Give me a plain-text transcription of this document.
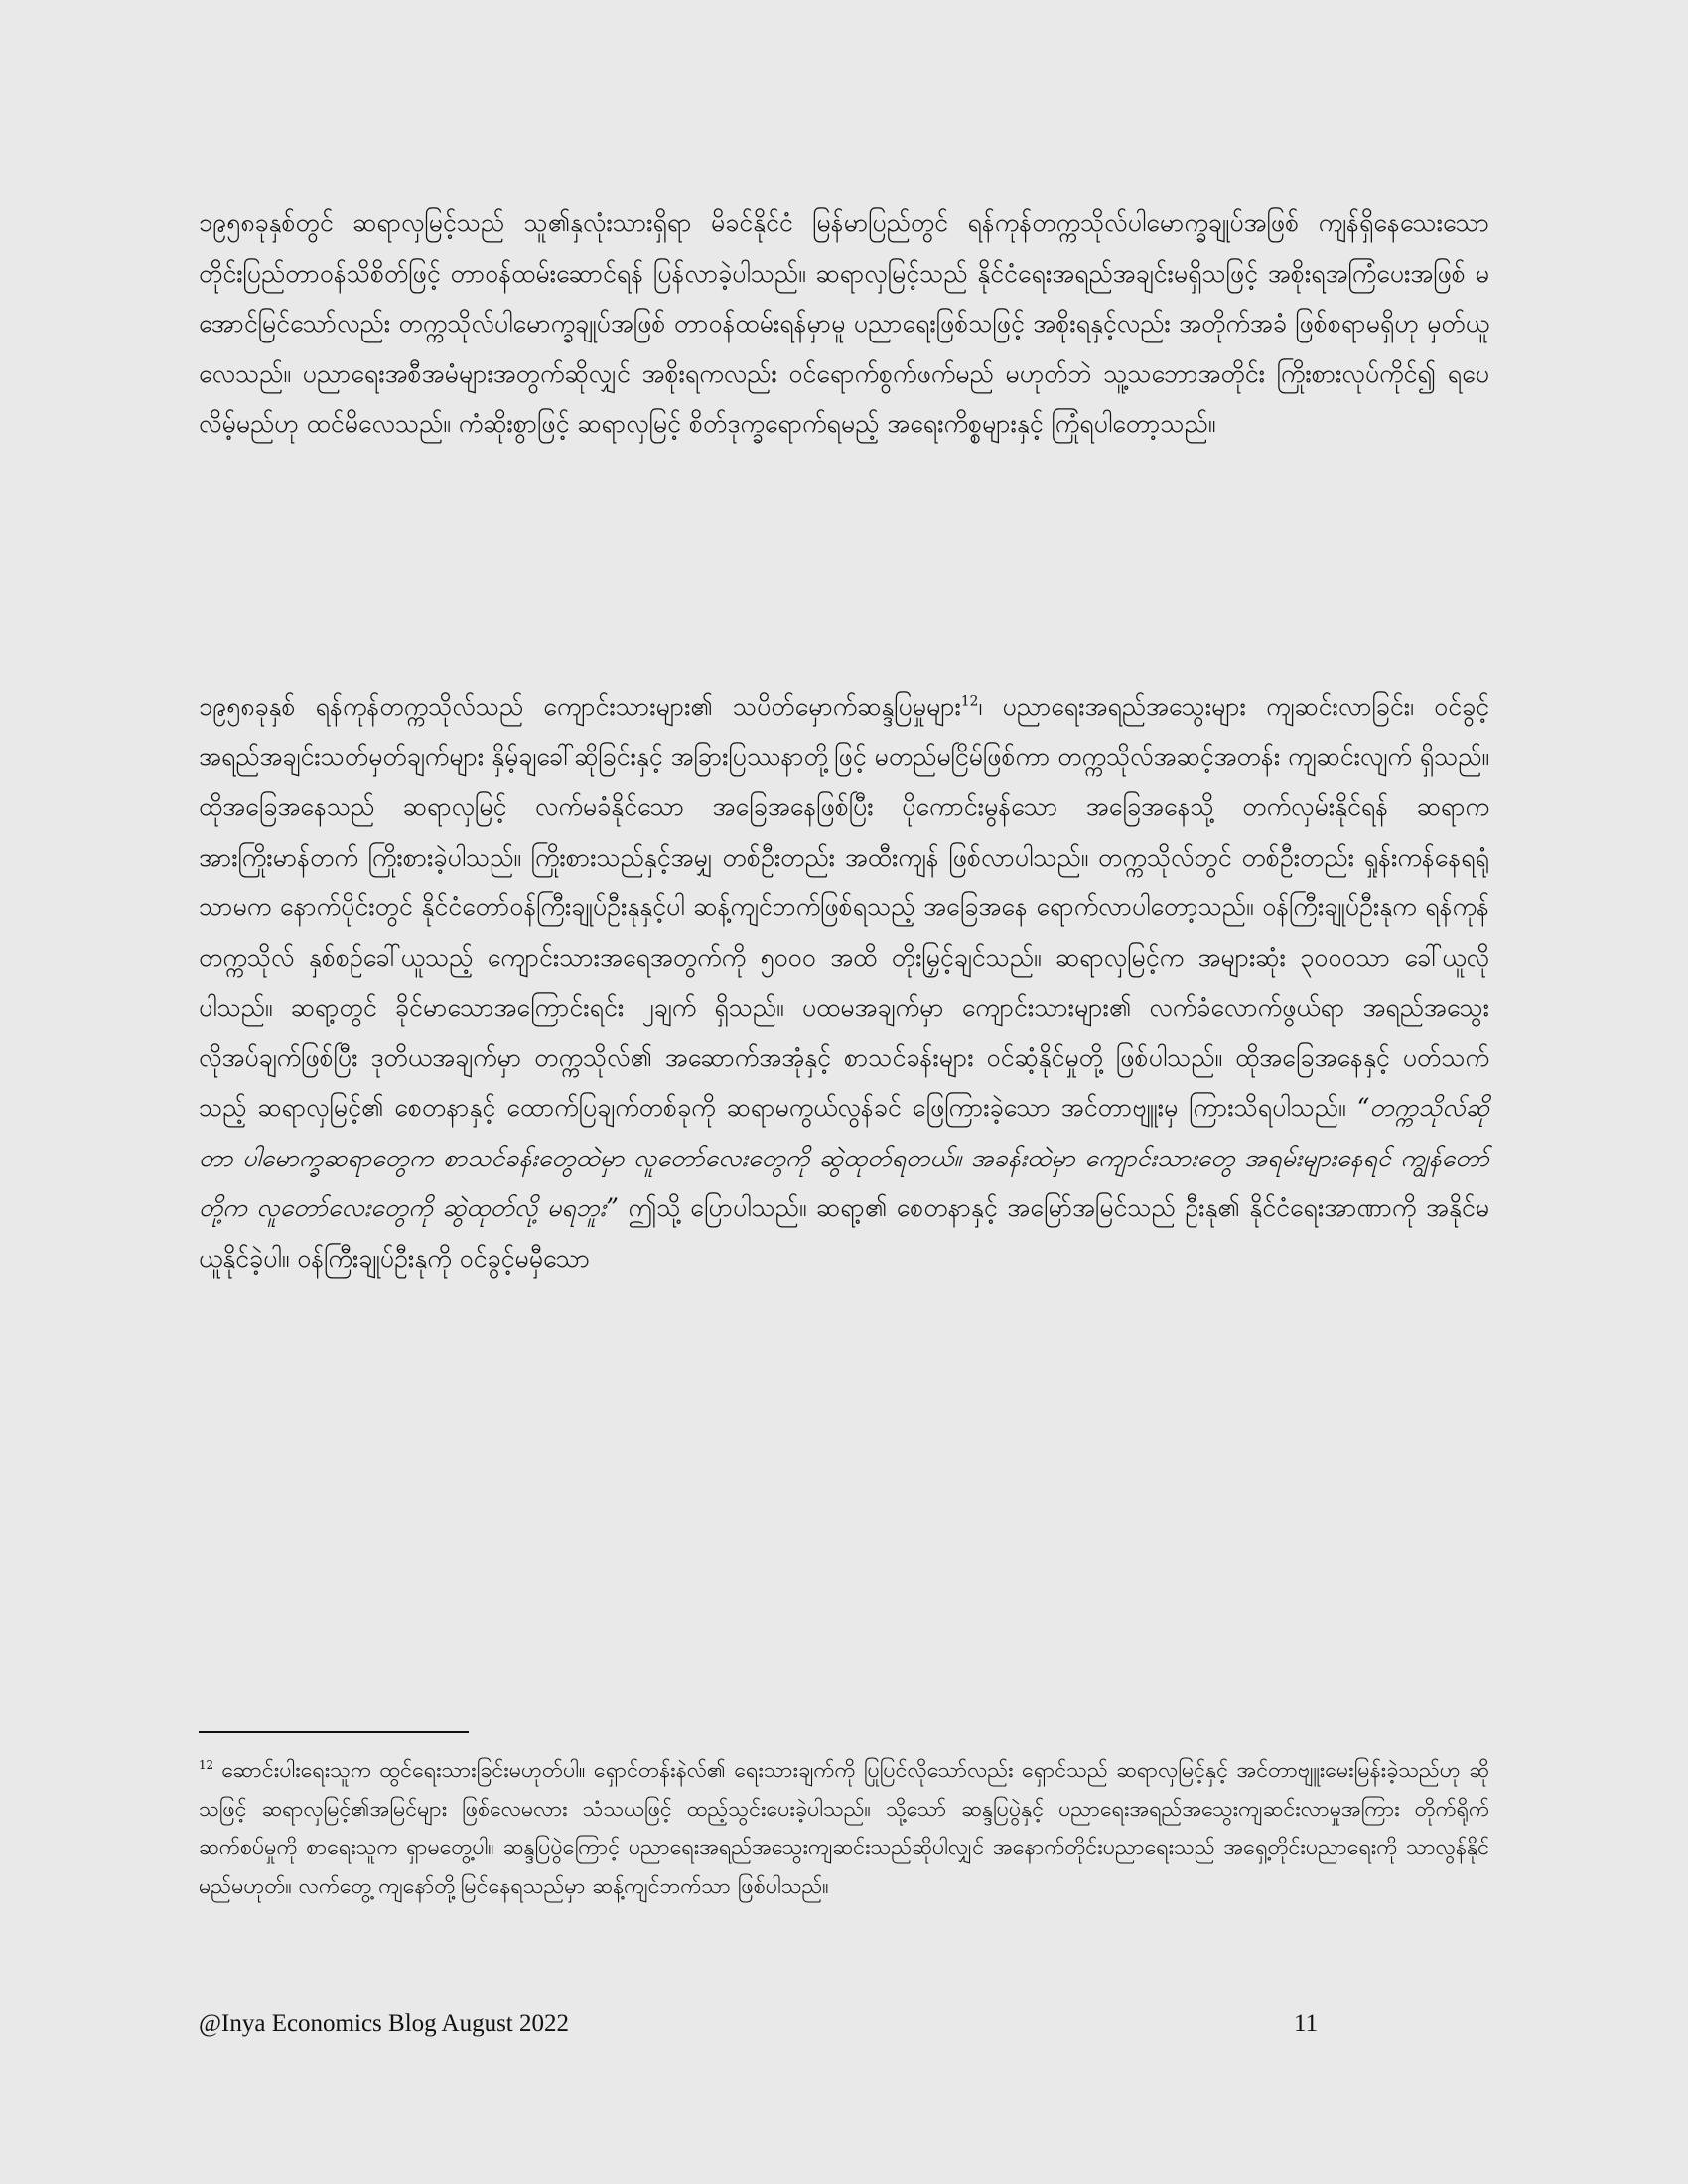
၁၉၅၈ခုနှစ်တွင် ဆရာလှမြင့်သည် သူ၏နှလုံးသားရှိရာ မိခင်နိုင်ငံ မြန်မာပြည်တွင် ရန်ကုန်တက္ကသိုလ်ပါမောက္ခချုပ်အဖြစ် ကျန်ရှိနေသေးသော တိုင်းပြည်တာဝန်သိစိတ်ဖြင့် တာဝန်ထမ်းဆောင်ရန် ပြန်လာခဲ့ပါသည်။ ဆရာလှမြင့်သည် နိုင်ငံရေးအရည်အချင်းမရှိသဖြင့် အစိုးရအကြံပေးအဖြစ် မအောင်မြင်သော်လည်း တက္ကသိုလ်ပါမောက္ခချုပ်အဖြစ် တာဝန်ထမ်းရန်မှာမူ ပညာရေးဖြစ်သဖြင့် အစိုးရနှင့်လည်း အတိုက်အခံ ဖြစ်စရာမရှိဟု မှတ်ယူလေသည်။ ပညာရေးအစီအမံများအတွက်ဆိုလျှင် အစိုးရကလည်း ဝင်ရောက်စွက်ဖက်မည် မဟုတ်ဘဲ သူ့သဘောအတိုင်း ကြိုးစားလုပ်ကိုင်၍ ရပေလိမ့်မည်ဟု ထင်မိလေသည်။ ကံဆိုးစွာဖြင့် ဆရာလှမြင့် စိတ်ဒုက္ခရောက်ရမည့် အရေးကိစ္စများနှင့် ကြုံရပါတော့သည်။

၁၉၅၈ခုနှစ် ရန်ကုန်တက္ကသိုလ်သည် ကျောင်းသားများ၏ သပိတ်မှောက်ဆန္ဒပြမှုများ$^{12}$၊ ပညာရေးအရည်အသွေးများ ကျဆင်းလာခြင်း၊ ဝင်ခွင့်အရည်အချင်းသတ်မှတ်ချက်များ နှိမ့်ချခေါ်ဆိုခြင်းနှင့် အခြားပြဿနာတို့ဖြင့် မတည်မငြိမ်ဖြစ်ကာ တက္ကသိုလ်အဆင့်အတန်း ကျဆင်းလျက် ရှိသည်။ ထိုအခြေအနေသည် ဆရာလှမြင့် လက်မခံနိုင်သော အခြေအနေဖြစ်ပြီး ပိုကောင်းမွန်သော အခြေအနေသို့ တက်လှမ်းနိုင်ရန် ဆရာက အားကြိုးမာန်တက် ကြိုးစားခဲ့ပါသည်။ ကြိုးစားသည်နှင့်အမျှ တစ်ဦးတည်း အထီးကျန် ဖြစ်လာပါသည်။ တက္ကသိုလ်တွင် တစ်ဦးတည်း ရှုန်းကန်နေရရုံသာမက နောက်ပိုင်းတွင် နိုင်ငံတော်ဝန်ကြီးချုပ်ဦးနုနှင့်ပါ ဆန့်ကျင်ဘက်ဖြစ်ရသည့် အခြေအနေ ရောက်လာပါတော့သည်။ ဝန်ကြီးချုပ်ဦးနုက ရန်ကုန်တက္ကသိုလ် နှစ်စဉ်ခေါ်ယူသည့် ကျောင်းသားအရေအတွက်ကို ၅၀၀၀ အထိ တိုးမြှင့်ချင်သည်။ ဆရာလှမြင့်က အများဆုံး ၃၀၀၀သာ ခေါ်ယူလိုပါသည်။ ဆရာ့တွင် ခိုင်မာသောအကြောင်းရင်း ၂ချက် ရှိသည်။ ပထမအချက်မှာ ကျောင်းသားများ၏ လက်ခံလောက်ဖွယ်ရာ အရည်အသွေးလိုအပ်ချက်ဖြစ်ပြီး ဒုတိယအချက်မှာ တက္ကသိုလ်၏ အဆောက်အအုံနှင့် စာသင်ခန်းများ ဝင်ဆံ့နိုင်မှုတို့ ဖြစ်ပါသည်။ ထိုအခြေအနေနှင့် ပတ်သက်သည့် ဆရာလှမြင့်၏ စေတနာနှင့် ထောက်ပြချက်တစ်ခုကို ဆရာမကွယ်လွန်ခင် ဖြေကြားခဲ့သော အင်တာဗျူးမှ ကြားသိရပါသည်။ “တက္ကသိုလ်ဆိုတာ ပါမောက္ခဆရာတွေက စာသင်ခန်းတွေထဲမှာ လူတော်လေးတွေကို ဆွဲထုတ်ရတယ်။ အခန်းထဲမှာ ကျောင်းသားတွေ အရမ်းများနေရင် ကျွန်တော်တို့က လူတော်လေးတွေကို ဆွဲထုတ်လို့ မရဘူး” ဤသို့ ပြောပါသည်။ ဆရာ့၏ စေတနာနှင့် အမြော်အမြင်သည် ဦးနု၏ နိုင်ငံရေးအာဏာကို အနိုင်မယူနိုင်ခဲ့ပါ။ ဝန်ကြီးချုပ်ဦးနုကို ဝင်ခွင့်မမှီသော

$^{12}$ ဆောင်းပါးရေးသူက ထွင်ရေးသားခြင်းမဟုတ်ပါ။ ရှောင်တန်းနဲလ်၏ ရေးသားချက်ကို ပြုပြင်လိုသော်လည်း ရှောင်သည် ဆရာလှမြင့်နှင့် အင်တာဗျူးမေးမြန်းခဲ့သည်ဟု ဆိုသဖြင့် ဆရာလှမြင့်၏အမြင်များ ဖြစ်လေမလား သံသယဖြင့် ထည့်သွင်းပေးခဲ့ပါသည်။ သို့သော် ဆန္ဒပြပွဲနှင့် ပညာရေးအရည်အသွေးကျဆင်းလာမှုအကြား တိုက်ရိုက်ဆက်စပ်မှုကို စာရေးသူက ရှာမတွေ့ပါ။ ဆန္ဒပြပွဲကြောင့် ပညာရေးအရည်အသွေးကျဆင်းသည်ဆိုပါလျှင် အနောက်တိုင်းပညာရေးသည် အရှေ့တိုင်းပညာရေးကို သာလွန်နိုင်မည်မဟုတ်။ လက်တွေ့ ကျနော်တို့မြင်နေရသည်မှာ ဆန့်ကျင်ဘက်သာ ဖြစ်ပါသည်။

@Inya Economics Blog August 2022	11
